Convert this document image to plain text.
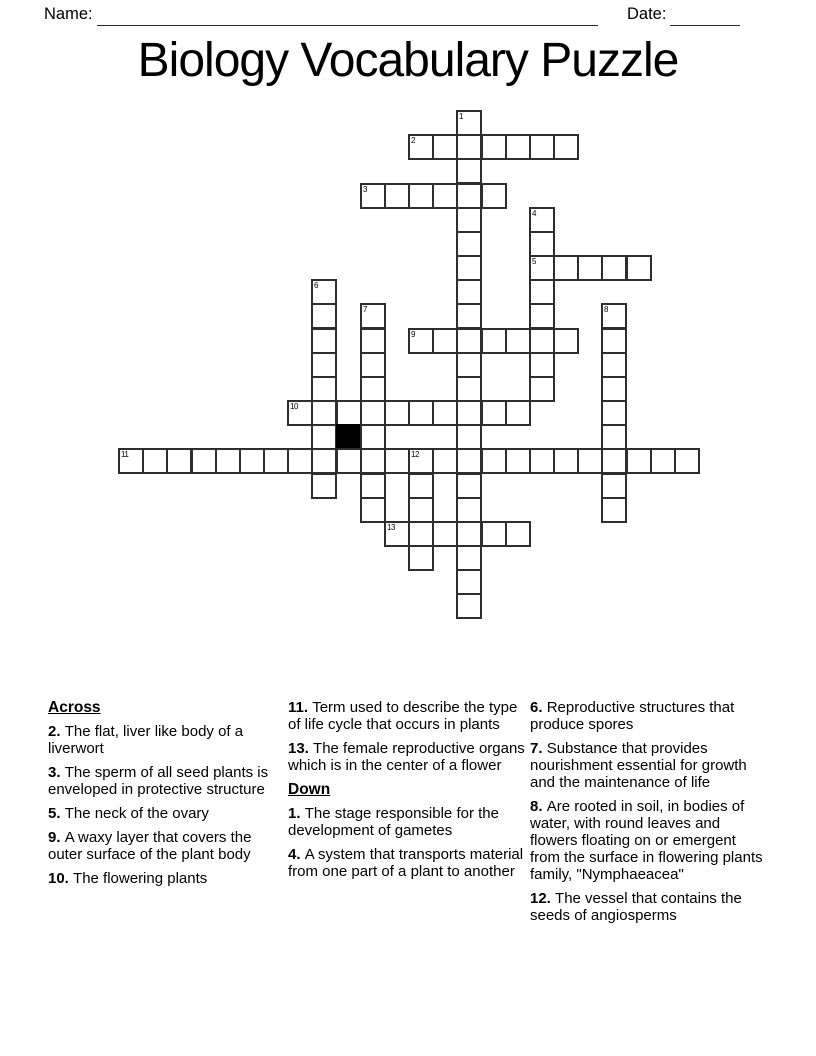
Name:	Date:
Biology Vocabulary Puzzle
1
2
3
4
5
6
7	8
9
10
11	12
13
Across
2. The flat, liver like body of a liverwort
3. The sperm of all seed plants is enveloped in protective structure
5. The neck of the ovary
9. A waxy layer that covers the outer surface of the plant body
10. The flowering plants
11. Term used to describe the type of life cycle that occurs in plants
13. The female reproductive organs which is in the center of a flower
Down
1. The stage responsible for the development of gametes
4. A system that transports material from one part of a plant to another
6. Reproductive structures that produce spores
7. Substance that provides nourishment essential for growth and the maintenance of life
8. Are rooted in soil, in bodies of water, with round leaves and flowers floating on or emergent from the surface in flowering plants family, "Nymphaeacea"
12. The vessel that contains the seeds of angiosperms
